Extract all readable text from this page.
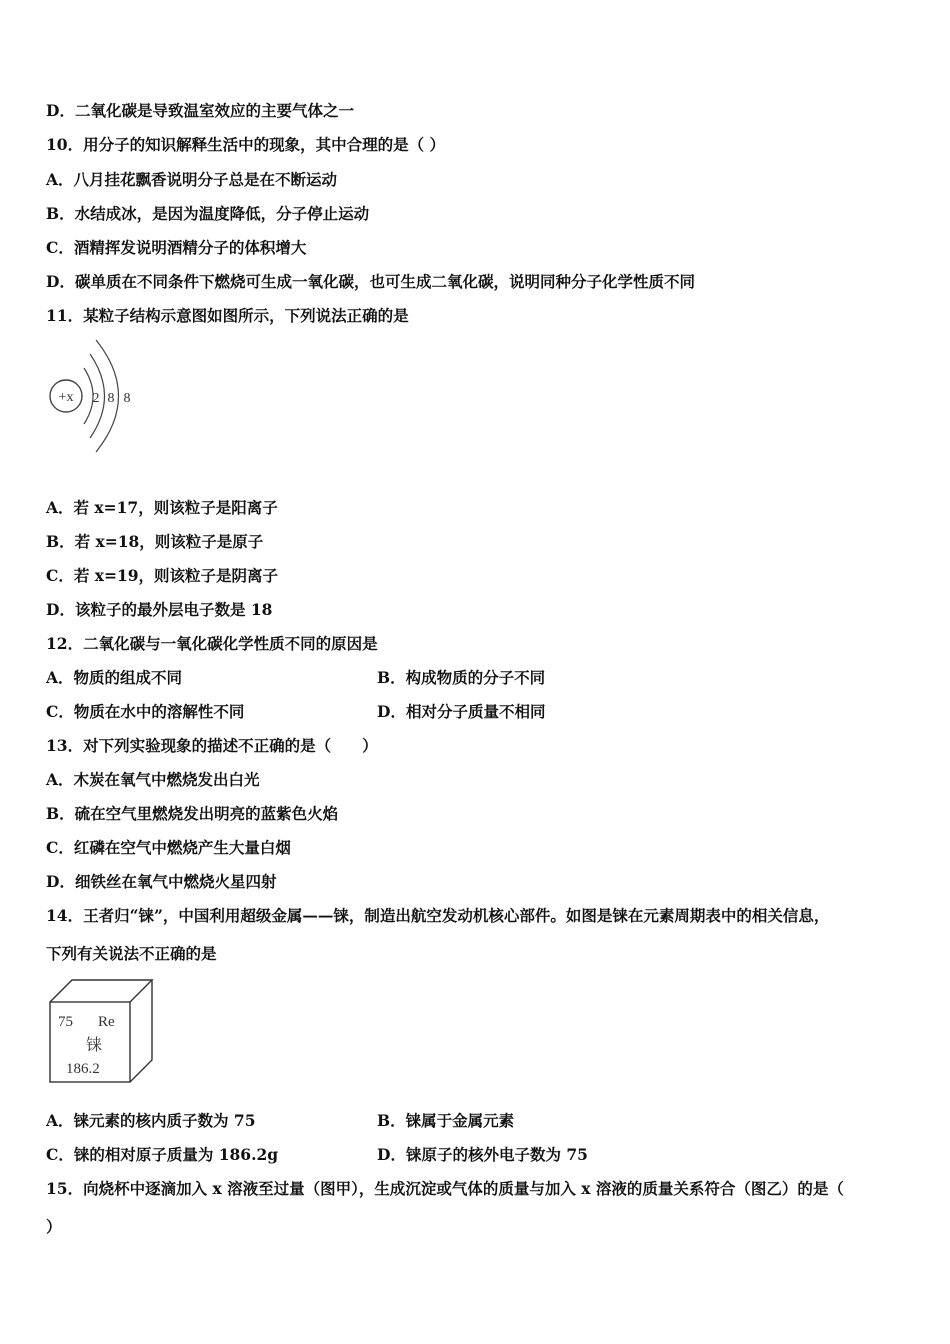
D．二氧化碳是导致温室效应的主要气体之一
10．用分子的知识解释生活中的现象，其中合理的是（ ）
A．八月挂花飘香说明分子总是在不断运动
B．水结成冰，是因为温度降低，分子停止运动
C．酒精挥发说明酒精分子的体积增大
D．碳单质在不同条件下燃烧可生成一氧化碳，也可生成二氧化碳，说明同种分子化学性质不同
11．某粒子结构示意图如图所示，下列说法正确的是
+x 2 8 8
A．若 x=17，则该粒子是阳离子
B．若 x=18，则该粒子是原子
C．若 x=19，则该粒子是阴离子
D．该粒子的最外层电子数是 18
12．二氧化碳与一氧化碳化学性质不同的原因是
A．物质的组成不同	B．构成物质的分子不同
C．物质在水中的溶解性不同	D．相对分子质量不相同
13．对下列实验现象的描述不正确的是（　　）
A．木炭在氧气中燃烧发出白光
B．硫在空气里燃烧发出明亮的蓝紫色火焰
C．红磷在空气中燃烧产生大量白烟
D．细铁丝在氧气中燃烧火星四射
14．王者归“铼”，中国利用超级金属——铼，制造出航空发动机核心部件。如图是铼在元素周期表中的相关信息，
下列有关说法不正确的是
75 Re
铼
186.2
A．铼元素的核内质子数为 75	B．铼属于金属元素
C．铼的相对原子质量为 186.2g	D．铼原子的核外电子数为 75
15．向烧杯中逐滴加入 x 溶液至过量（图甲），生成沉淀或气体的质量与加入 x 溶液的质量关系符合（图乙）的是（
）
